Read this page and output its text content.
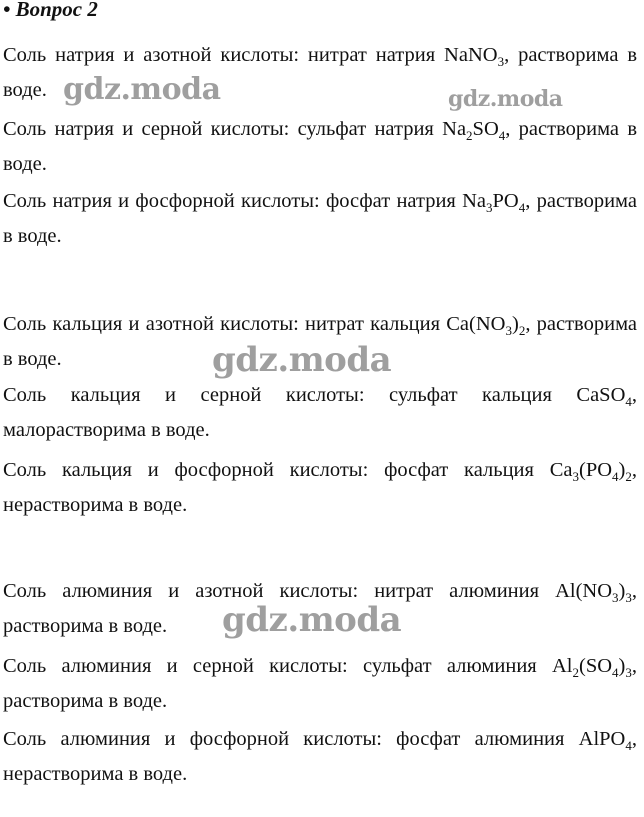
• Вопрос 2

Соль натрия и азотной кислоты: нитрат натрия NaNO$_3$, растворима в воде.

Соль натрия и серной кислоты: сульфат натрия $Na_2SO_4$, растворима в воде.

Соль натрия и фосфорной кислоты: фосфат натрия $Na_3PO_4$, растворима в воде.

Соль кальция и азотной кислоты: нитрат кальция $Ca(NO_3)_2$, растворима в воде.

Соль кальция и серной кислоты: сульфат кальция CaSO$_4$, малорастворима в воде.

Соль кальция и фосфорной кислоты: фосфат кальция $Ca_3(PO_4)_2$, нерастворима в воде.

Соль алюминия и азотной кислоты: нитрат алюминия $Al(NO_3)_3$, растворима в воде.

Соль алюминия и серной кислоты: сульфат алюминия $Al_2(SO_4)_3$, растворима в воде.

Соль алюминия и фосфорной кислоты: фосфат алюминия AlPO$_4$, нерастворима в воде.

gdz.moda	gdz.moda
gdz.moda
gdz.moda
